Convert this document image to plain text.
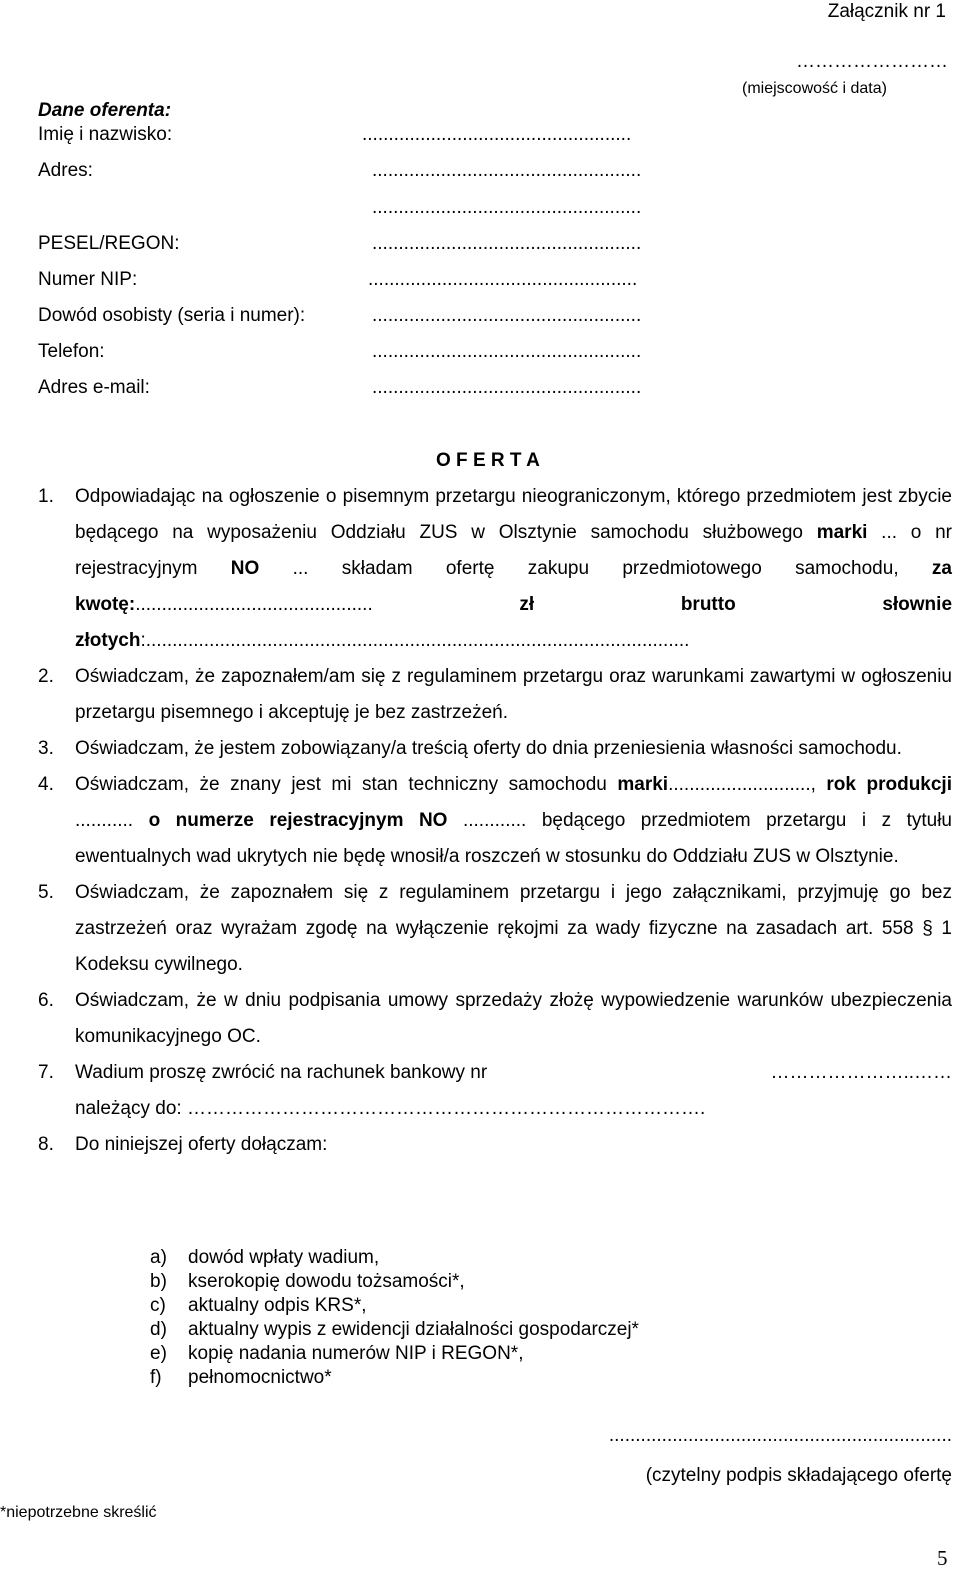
Załącznik nr 1
……………………
(miejscowość i data)
Dane oferenta:
Imię i nazwisko:	...................................................
Adres:	...................................................
...................................................
PESEL/REGON:	...................................................
Numer NIP:	...................................................
Dowód osobisty (seria i numer):	...................................................
Telefon:	...................................................
Adres e-mail:	...................................................
O F E R T A
1. Odpowiadając na ogłoszenie o pisemnym przetargu nieograniczonym, którego przedmiotem jest zbycie będącego na wyposażeniu Oddziału ZUS w Olsztynie samochodu służbowego marki ... o nr rejestracyjnym NO ... składam ofertę zakupu przedmiotowego samochodu, za kwotę:............................................. zł brutto słownie złotych:.......................................................................................................
2. Oświadczam, że zapoznałem/am się z regulaminem przetargu oraz warunkami zawartymi w ogłoszeniu przetargu pisemnego i akceptuję je bez zastrzeżeń.
3. Oświadczam, że jestem zobowiązany/a treścią oferty do dnia przeniesienia własności samochodu.
4. Oświadczam, że znany jest mi stan techniczny samochodu marki..........................., rok produkcji ........... o numerze rejestracyjnym NO ............ będącego przedmiotem przetargu i z tytułu ewentualnych wad ukrytych nie będę wnosił/a roszczeń w stosunku do Oddziału ZUS w Olsztynie.
5. Oświadczam, że zapoznałem się z regulaminem przetargu i jego załącznikami, przyjmuję go bez zastrzeżeń oraz wyrażam zgodę na wyłączenie rękojmi za wady fizyczne na zasadach art. 558 § 1 Kodeksu cywilnego.
6. Oświadczam, że w dniu podpisania umowy sprzedaży złożę wypowiedzenie warunków ubezpieczenia komunikacyjnego OC.
7. Wadium proszę zwrócić na rachunek bankowy nr	…………………..……
należący do: ……………………………………………………………………….
8. Do niniejszej oferty dołączam:
a) dowód wpłaty wadium,
b) kserokopię dowodu tożsamości*,
c) aktualny odpis KRS*,
d) aktualny wypis z ewidencji działalności gospodarczej*
e) kopię nadania numerów NIP i REGON*,
f) pełnomocnictwo*
.................................................................
(czytelny podpis składającego ofertę
*niepotrzebne skreślić
5
